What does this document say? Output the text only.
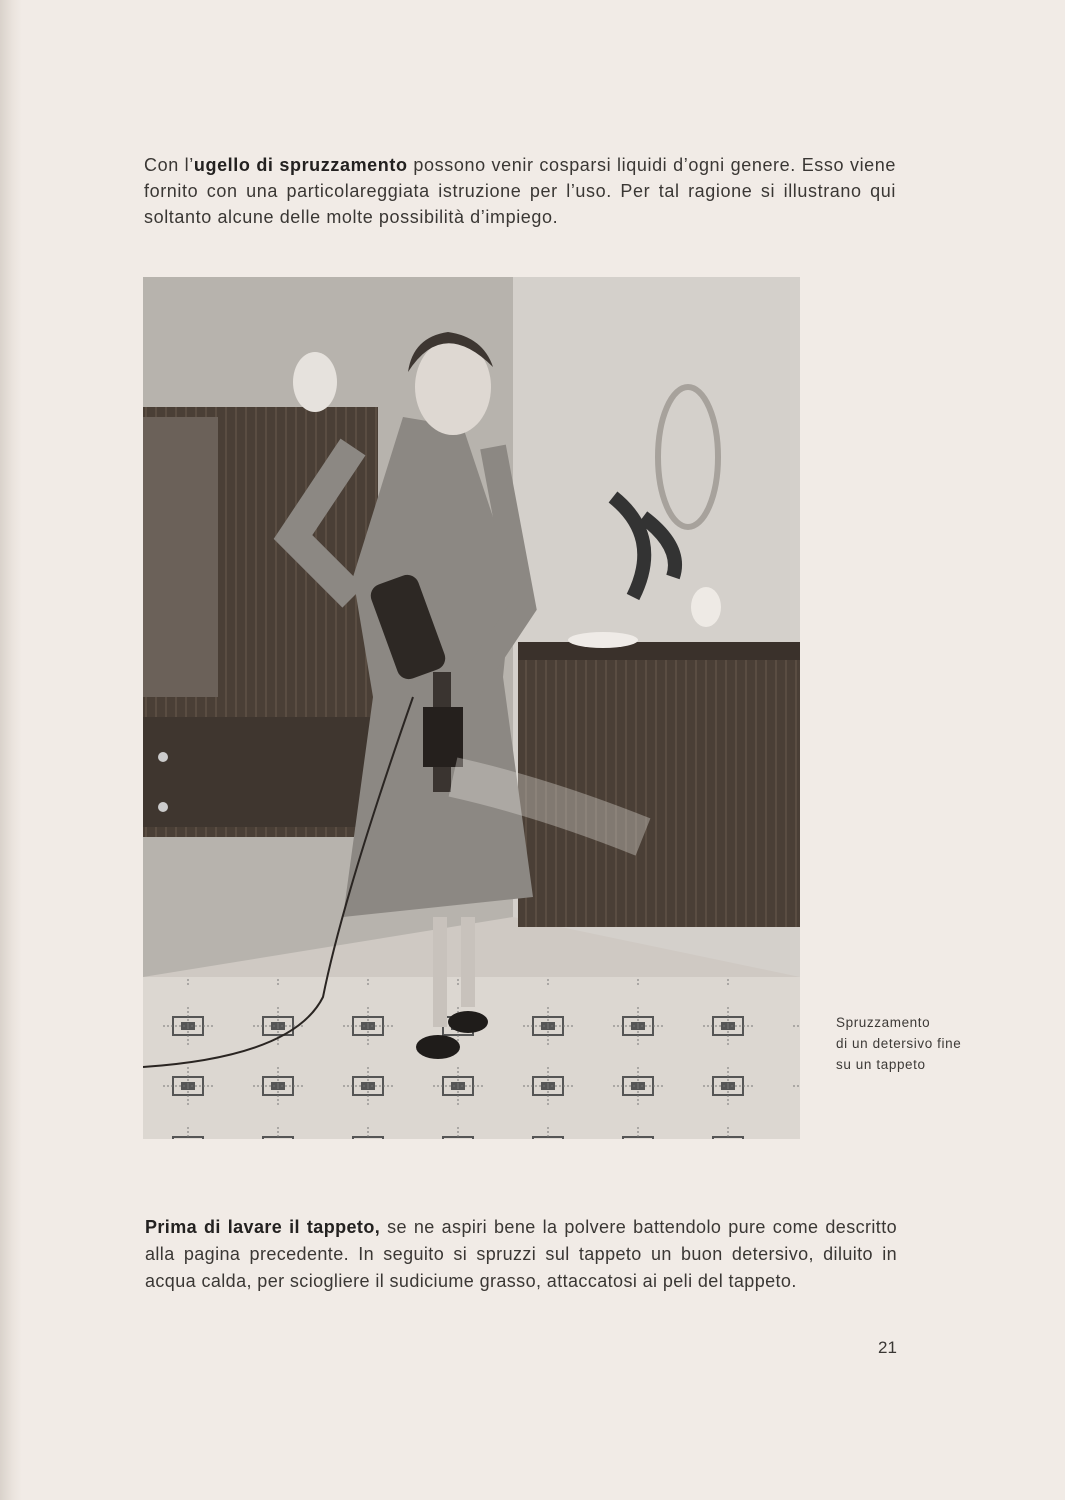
Con l’ugello di spruzzamento possono venir cosparsi liquidi d’ogni genere. Esso viene fornito con una particolareggiata istruzione per l’uso. Per tal ragione si illustrano qui soltanto alcune delle molte possibilità d’impiego.

Spruzzamento
di un detersivo fine
su un tappeto

Prima di lavare il tappeto, se ne aspiri bene la polvere battendolo pure come descritto alla pagina precedente. In seguito si spruzzi sul tappeto un buon detersivo, diluito in acqua calda, per sciogliere il sudiciume grasso, attaccatosi ai peli del tappeto.

21
